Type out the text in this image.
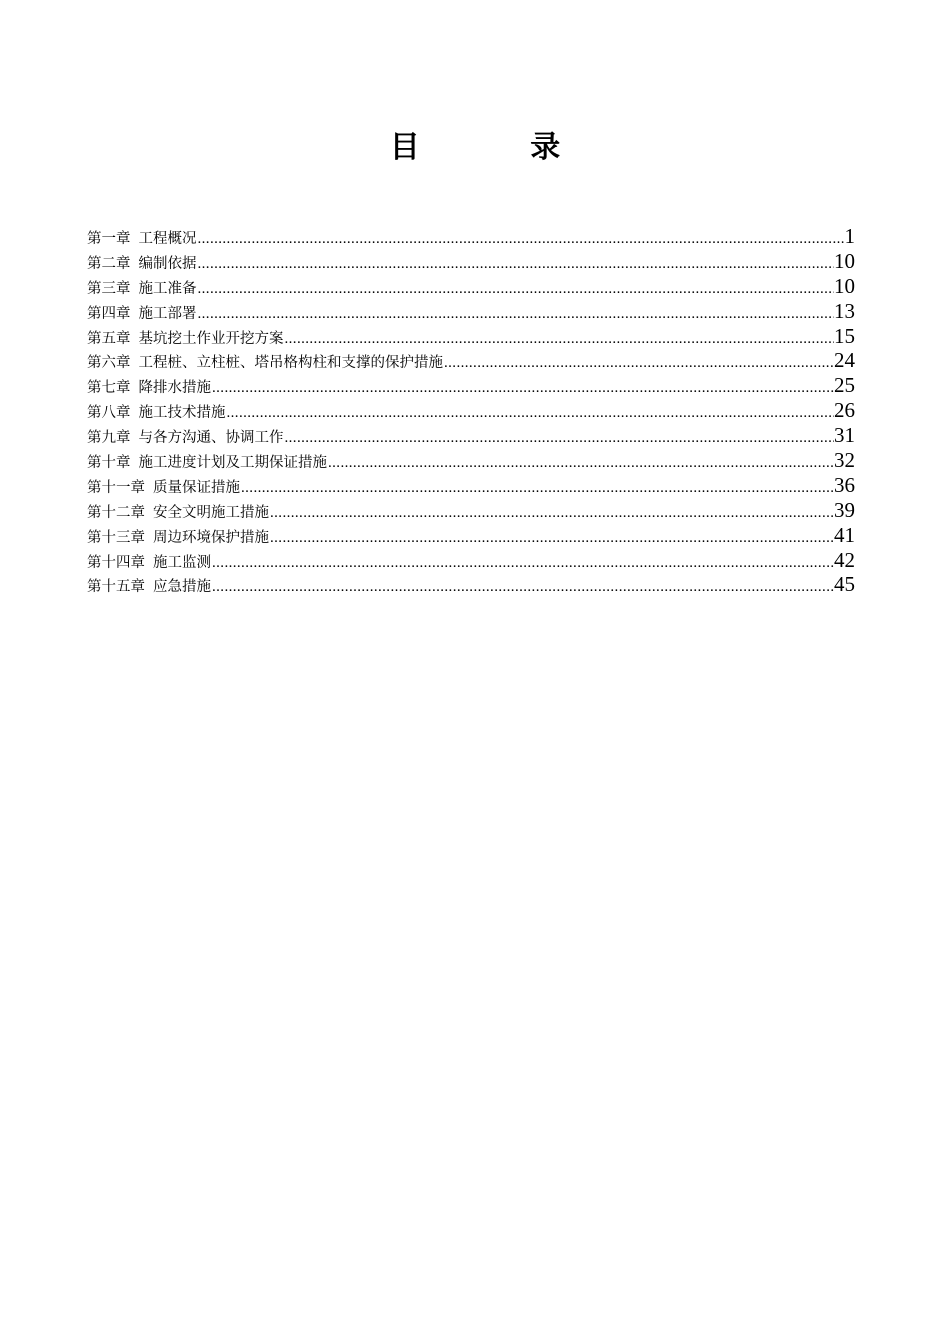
目 录
第一章 工程概况 .....	1
第二章 编制依据 .....	10
第三章 施工准备 .....	10
第四章 施工部署 .....	13
第五章 基坑挖土作业开挖方案 .....	15
第六章 工程桩、立柱桩、塔吊格构柱和支撑的保护措施 .....	24
第七章 降排水措施 .....	25
第八章 施工技术措施 .....	26
第九章 与各方沟通、协调工作 .....	31
第十章 施工进度计划及工期保证措施 .....	32
第十一章 质量保证措施 .....	36
第十二章 安全文明施工措施 .....	39
第十三章 周边环境保护措施 .....	41
第十四章 施工监测 .....	42
第十五章 应急措施 .....	45
